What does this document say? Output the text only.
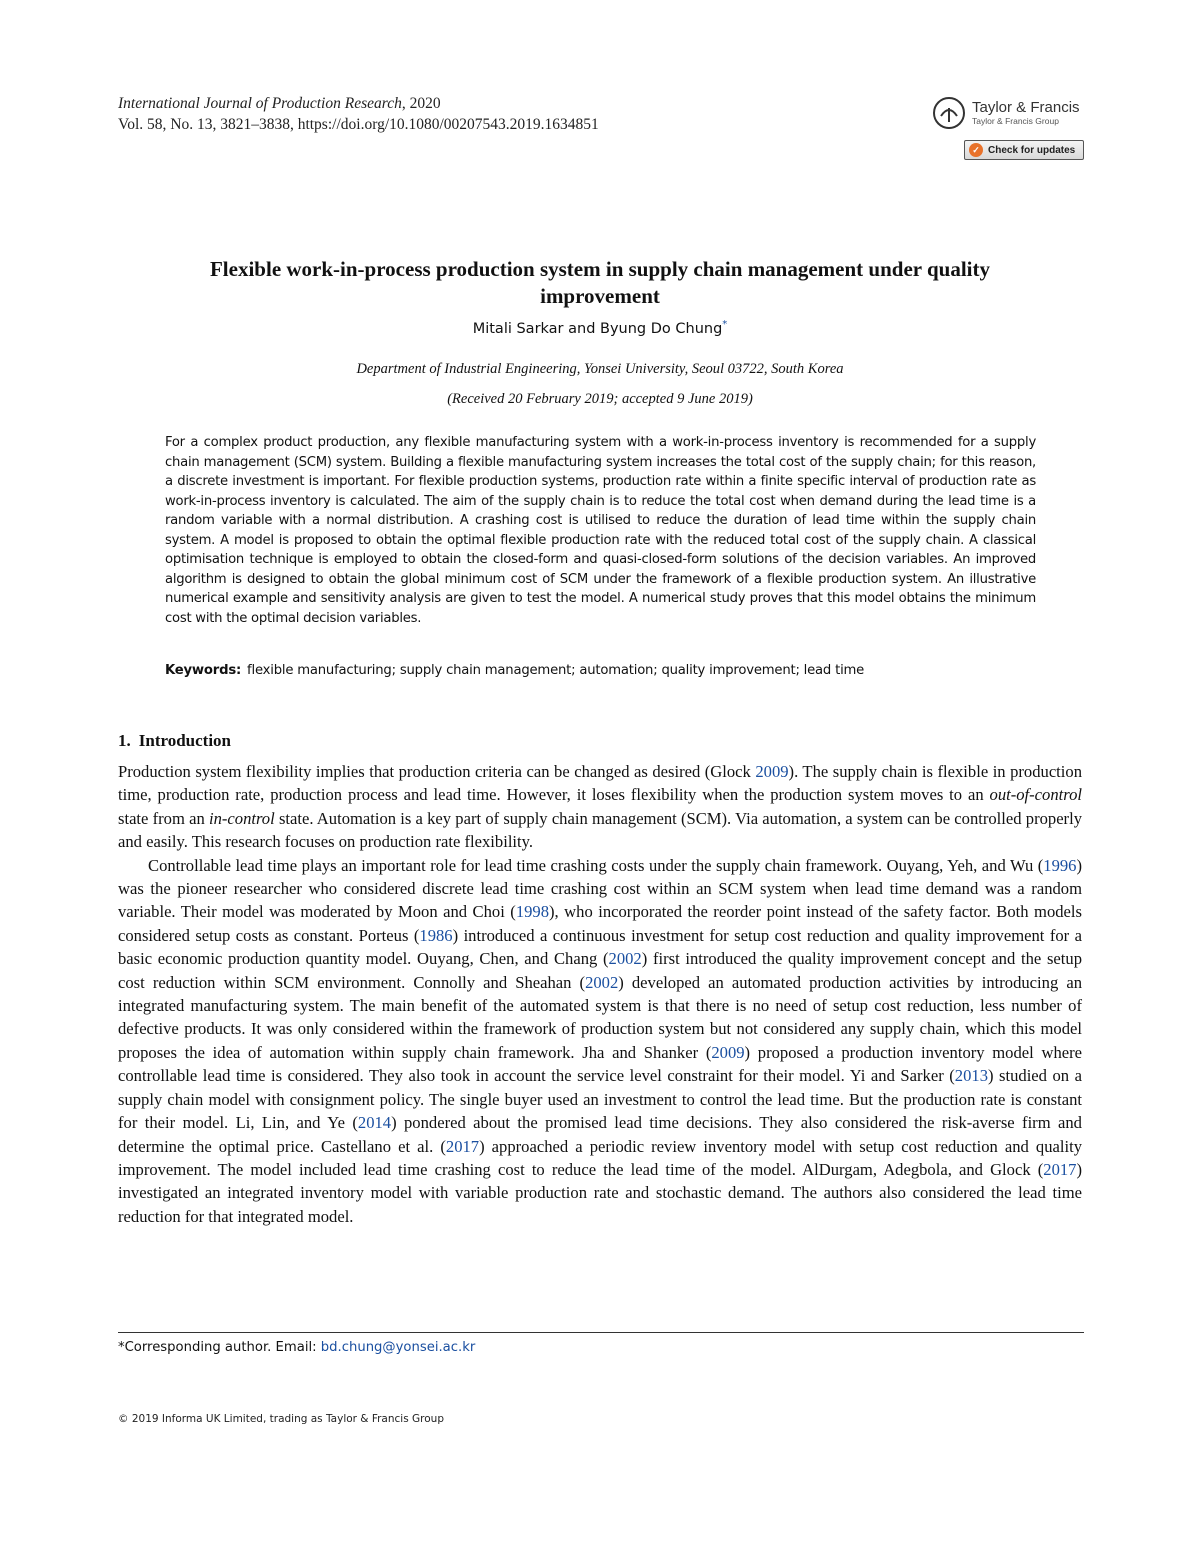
International Journal of Production Research, 2020
Vol. 58, No. 13, 3821–3838, https://doi.org/10.1080/00207543.2019.1634851
Taylor & Francis
Taylor & Francis Group
✓ Check for updates
Flexible work-in-process production system in supply chain management under quality improvement
Mitali Sarkar and Byung Do Chung*
Department of Industrial Engineering, Yonsei University, Seoul 03722, South Korea
(Received 20 February 2019; accepted 9 June 2019)
For a complex product production, any flexible manufacturing system with a work-in-process inventory is recommended for a supply chain management (SCM) system. Building a flexible manufacturing system increases the total cost of the supply chain; for this reason, a discrete investment is important. For flexible production systems, production rate within a finite specific interval of production rate as work-in-process inventory is calculated. The aim of the supply chain is to reduce the total cost when demand during the lead time is a random variable with a normal distribution. A crashing cost is utilised to reduce the duration of lead time within the supply chain system. A model is proposed to obtain the optimal flexible production rate with the reduced total cost of the supply chain. A classical optimisation technique is employed to obtain the closed-form and quasi-closed-form solutions of the decision variables. An improved algorithm is designed to obtain the global minimum cost of SCM under the framework of a flexible production system. An illustrative numerical example and sensitivity analysis are given to test the model. A numerical study proves that this model obtains the minimum cost with the optimal decision variables.
Keywords: flexible manufacturing; supply chain management; automation; quality improvement; lead time
1. Introduction

Production system flexibility implies that production criteria can be changed as desired (Glock 2009). The supply chain is flexible in production time, production rate, production process and lead time. However, it loses flexibility when the production system moves to an out-of-control state from an in-control state. Automation is a key part of supply chain management (SCM). Via automation, a system can be controlled properly and easily. This research focuses on production rate flexibility.

Controllable lead time plays an important role for lead time crashing costs under the supply chain framework. Ouyang, Yeh, and Wu (1996) was the pioneer researcher who considered discrete lead time crashing cost within an SCM system when lead time demand was a random variable. Their model was moderated by Moon and Choi (1998), who incorporated the reorder point instead of the safety factor. Both models considered setup costs as constant. Porteus (1986) introduced a continuous investment for setup cost reduction and quality improvement for a basic economic production quantity model. Ouyang, Chen, and Chang (2002) first introduced the quality improvement concept and the setup cost reduction within SCM environment. Connolly and Sheahan (2002) developed an automated production activities by introducing an integrated manufacturing system. The main benefit of the automated system is that there is no need of setup cost reduction, less number of defective products. It was only considered within the framework of production system but not considered any supply chain, which this model proposes the idea of automation within supply chain framework. Jha and Shanker (2009) proposed a production inventory model where controllable lead time is considered. They also took in account the service level constraint for their model. Yi and Sarker (2013) studied on a supply chain model with consignment policy. The single buyer used an investment to control the lead time. But the production rate is constant for their model. Li, Lin, and Ye (2014) pondered about the promised lead time decisions. They also considered the risk-averse firm and determine the optimal price. Castellano et al. (2017) approached a periodic review inventory model with setup cost reduction and quality improvement. The model included lead time crashing cost to reduce the lead time of the model. AlDurgam, Adegbola, and Glock (2017) investigated an integrated inventory model with variable production rate and stochastic demand. The authors also considered the lead time reduction for that integrated model.

*Corresponding author. Email: bd.chung@yonsei.ac.kr
© 2019 Informa UK Limited, trading as Taylor & Francis Group
